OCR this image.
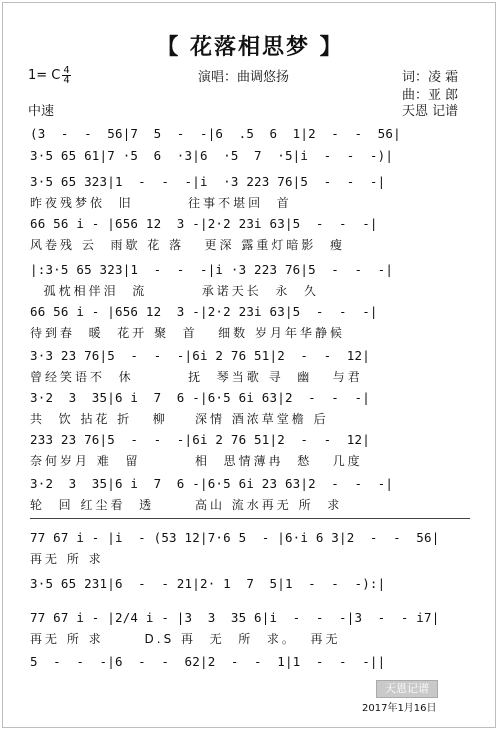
【 花落相思梦 】
1= C $\frac{4}{4}$	演唱：曲调悠扬	词：凌 霜
曲：亚 郎
中速	天恩 记谱
(3  -  -  56|7  5  -  -|6  .5  6  1|2  -  -  56|
3·5 65 61|7 ·5  6  ·3|6  ·5  7  ·5|i  -  -  -)|
3·5 65 323|1  -  -  -|i  ·3 223 76|5  -  -  -|
昨夜残梦依  旧        往事不堪回  首
66 56 i - |656 12  3 -|2·2 23i 63|5  -  -  -|
风卷残 云  雨歇 花 落   更深 露重灯暗影  瘦
|:3·5 65 323|1  -  -  -|i ·3 223 76|5  -  -  -|
孤枕相伴泪  流        承诺天长  永  久
66 56 i - |656 12  3 -|2·2 23i 63|5  -  -  -|
待到春  暖  花开 聚  首   细数 岁月年华静候
3·3 23 76|5  -  -  -|6i 2 76 51|2  -  -  12|
曾经笑语不  休        抚  琴当歌 寻  幽   与君
3·2  3  35|6 i  7  6 -|6·5 6i 63|2  -  -  -|
共  饮 拈花 折   柳    深情 酒浓草堂檐 后
233 23 76|5  -  -  -|6i 2 76 51|2  -  -  12|
奈何岁月 难  留        相  思情薄冉  愁   几度
3·2  3  35|6 i  7  6 -|6·5 6i 23 63|2  -  -  -|
轮  回 红尘看  透      高山 流水再无 所  求
77 67 i - |i  - (53 12|7·6 5  - |6·i 6 3|2  -  -  56|
再无 所 求
3·5 65 231|6  -  - 21|2· 1  7  5|1  -  -  -):|
77 67 i - |2/4 i - |3  3  35 6|i  -  -  -|3  -  - i7|
再无 所 求      D.S 再  无  所  求。  再无
5  -  -  -|6  -  -  62|2  -  -  1|1  -  -  -||
天恩记谱
2017年1月16日
